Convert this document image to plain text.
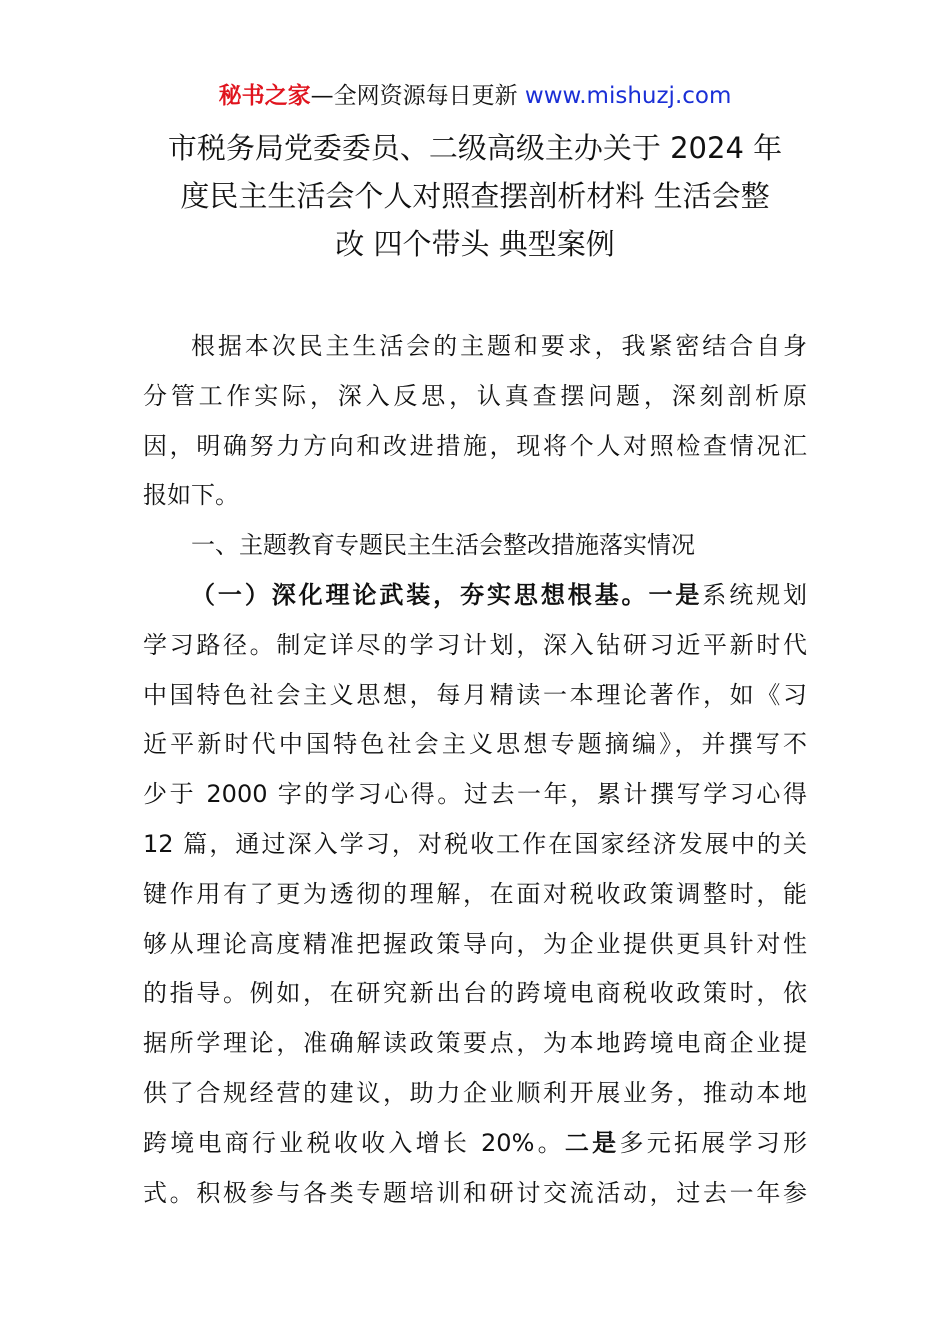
秘书之家—全网资源每日更新 www.mishuzj.com
市税务局党委委员、二级高级主办关于 2024 年
度民主生活会个人对照查摆剖析材料 生活会整
改 四个带头 典型案例
根据本次民主生活会的主题和要求，我紧密结合自身
分管工作实际，深入反思，认真查摆问题，深刻剖析原
因，明确努力方向和改进措施，现将个人对照检查情况汇
报如下。
一、主题教育专题民主生活会整改措施落实情况
（一）深化理论武装，夯实思想根基。一是系统规划
学习路径。制定详尽的学习计划，深入钻研习近平新时代
中国特色社会主义思想，每月精读一本理论著作，如《习
近平新时代中国特色社会主义思想专题摘编》，并撰写不
少于 2000 字的学习心得。过去一年，累计撰写学习心得
12 篇，通过深入学习，对税收工作在国家经济发展中的关
键作用有了更为透彻的理解，在面对税收政策调整时，能
够从理论高度精准把握政策导向，为企业提供更具针对性
的指导。例如，在研究新出台的跨境电商税收政策时，依
据所学理论，准确解读政策要点，为本地跨境电商企业提
供了合规经营的建议，助力企业顺利开展业务，推动本地
跨境电商行业税收收入增长 20%。二是多元拓展学习形
式。积极参与各类专题培训和研讨交流活动，过去一年参
